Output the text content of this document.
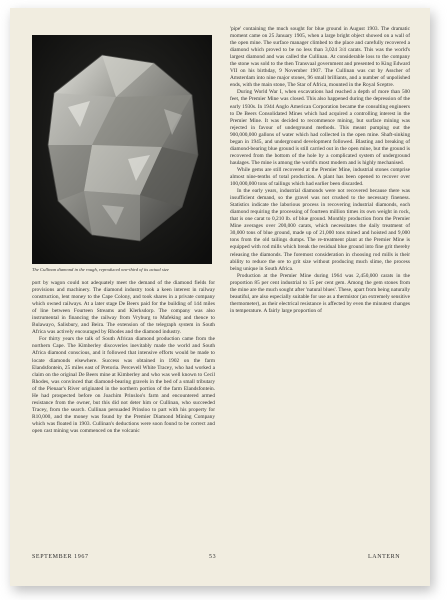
The Cullinan diamond in the rough, reproduced one-third of its actual size

port by wagon could not adequately meet the demand of the diamond fields for provisions and machinery. The diamond industry took a keen interest in railway construction, lent money to the Cape Colony, and took shares in a private company which owned railways. At a later stage De Beers paid for the building of 144 miles of line between Fourteen Streams and Klerksdorp. The company was also instrumental in financing the railway from Vryburg to Mafeking and thence to Bulawayo, Salisbury, and Beira. The extension of the telegraph system in South Africa was actively encouraged by Rhodes and the diamond industry.

For thirty years the talk of South African diamond production came from the northern Cape. The Kimberley discoveries inevitably made the world and South Africa diamond conscious, and it followed that intensive efforts would be made to locate diamonds elsewhere. Success was obtained in 1902 on the farm Elandsfontein, 25 miles east of Pretoria. Percevell White Tracey, who had worked a claim on the original De Beers mine at Kimberley and who was well known to Cecil Rhodes, was convinced that diamond-bearing gravels in the bed of a small tributary of the Pienaar's River originated in the northern portion of the farm Elandsfontein. He had prospected before on Joachim Prinsloo's farm and encountered armed resistance from the owner, but this did not deter him or Cullinan, who succeeded Tracey, from the search. Cullinan persuaded Prinsloo to part with his property for R10,000, and the money was found by the Premier Diamond Mining Company which was floated in 1903. Cullinan's deductions were soon found to be correct and open cast mining was commenced on the volcanic

'pipe' containing the much sought for blue ground in August 1903. The dramatic moment came on 25 January 1905, when a large bright object showed on a wall of the open mine. The surface manager climbed to the place and carefully recovered a diamond which proved to be no less than 3,024 3/4 carats. This was the world's largest diamond and was called the Cullinan. At considerable loss to the company the stone was sold to the then Transvaal government and presented to King Edward VII on his birthday, 9 November 1907. The Cullinan was cut by Asscher of Amsterdam into nine major stones, 96 small brilliants, and a number of unpolished ends, with the main stone, The Star of Africa, mounted in the Royal Sceptre.

During World War I, when excavations had reached a depth of more than 500 feet, the Premier Mine was closed. This also happened during the depression of the early 1930s. In 1944 Anglo American Corporation became the consulting engineers to De Beers Consolidated Mines which had acquired a controlling interest in the Premier Mine. It was decided to recommence mining, but surface mining was rejected in favour of underground methods. This meant pumping out the 900,000,000 gallons of water which had collected in the open mine. Shaft-sinking began in 1945, and underground development followed. Blasting and breaking of diamond-bearing blue ground is still carried out in the open mine, but the ground is recovered from the bottom of the hole by a complicated system of underground haulages. The mine is among the world's most modern and is highly mechanised.

While gems are still recovered at the Premier Mine, industrial stones comprise almost nine-tenths of total production. A plant has been opened to recover over 100,000,000 tons of tailings which had earlier been discarded.

In the early years, industrial diamonds were not recovered because there was insufficient demand, so the gravel was not crushed to the necessary fineness. Statistics indicate the laborious process in recovering industrial diamonds, each diamond requiring the processing of fourteen million times its own weight in rock, that is one carat to 0,210 lb. of blue ground. Monthly production from the Premier Mine averages over 200,000 carats, which necessitates the daily treatment of 30,000 tons of blue ground, made up of 21,000 tons mined and hoisted and 9,000 tons from the old tailings dumps. The re-treatment plant at the Premier Mine is equipped with rod mills which break the residual blue ground into fine grit thereby releasing the diamonds. The foremost consideration in choosing rod mills is their ability to reduce the ore to grit size without producing much slime, the process being unique in South Africa.

Production at the Premier Mine during 1964 was 2,450,000 carats in the proportion 85 per cent industrial to 15 per cent gem. Among the gem stones from the mine are the much sought after 'natural blues'. These, apart from being naturally beautiful, are also especially suitable for use as a thermistor (an extremely sensitive thermometer), as their electrical resistance is affected by even the minutest changes in temperature. A fairly large proportion of

SEPTEMBER 1967	53	LANTERN
